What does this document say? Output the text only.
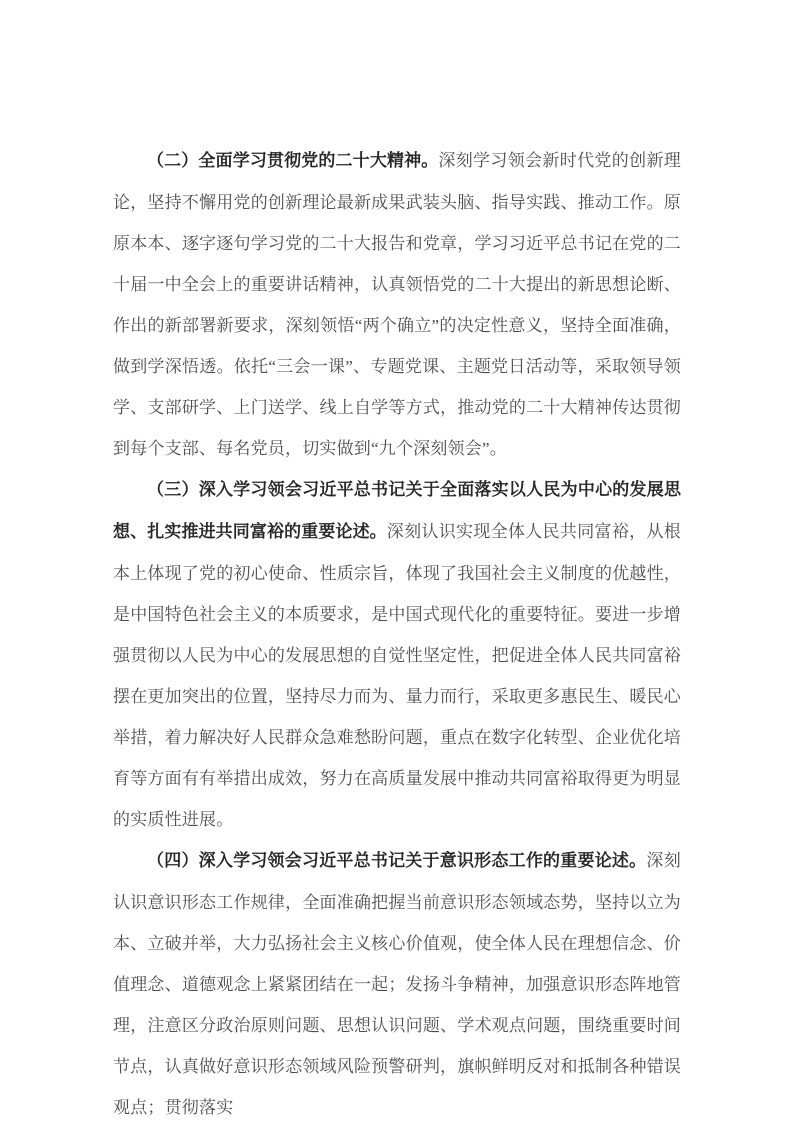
（二）全面学习贯彻党的二十大精神。深刻学习领会新时代党的创新理论，坚持不懈用党的创新理论最新成果武装头脑、指导实践、推动工作。原原本本、逐字逐句学习党的二十大报告和党章，学习习近平总书记在党的二十届一中全会上的重要讲话精神，认真领悟党的二十大提出的新思想论断、作出的新部署新要求，深刻领悟“两个确立”的决定性意义，坚持全面准确，做到学深悟透。依托“三会一课”、专题党课、主题党日活动等，采取领导领学、支部研学、上门送学、线上自学等方式，推动党的二十大精神传达贯彻到每个支部、每名党员，切实做到“九个深刻领会”。

（三）深入学习领会习近平总书记关于全面落实以人民为中心的发展思想、扎实推进共同富裕的重要论述。深刻认识实现全体人民共同富裕，从根本上体现了党的初心使命、性质宗旨，体现了我国社会主义制度的优越性，是中国特色社会主义的本质要求，是中国式现代化的重要特征。要进一步增强贯彻以人民为中心的发展思想的自觉性坚定性，把促进全体人民共同富裕摆在更加突出的位置，坚持尽力而为、量力而行，采取更多惠民生、暖民心举措，着力解决好人民群众急难愁盼问题，重点在数字化转型、企业优化培育等方面有有举措出成效，努力在高质量发展中推动共同富裕取得更为明显的实质性进展。

（四）深入学习领会习近平总书记关于意识形态工作的重要论述。深刻认识意识形态工作规律，全面准确把握当前意识形态领域态势，坚持以立为本、立破并举，大力弘扬社会主义核心价值观，使全体人民在理想信念、价值理念、道德观念上紧紧团结在一起；发扬斗争精神，加强意识形态阵地管理，注意区分政治原则问题、思想认识问题、学术观点问题，围绕重要时间节点，认真做好意识形态领域风险预警研判，旗帜鲜明反对和抵制各种错误观点；贯彻落实
